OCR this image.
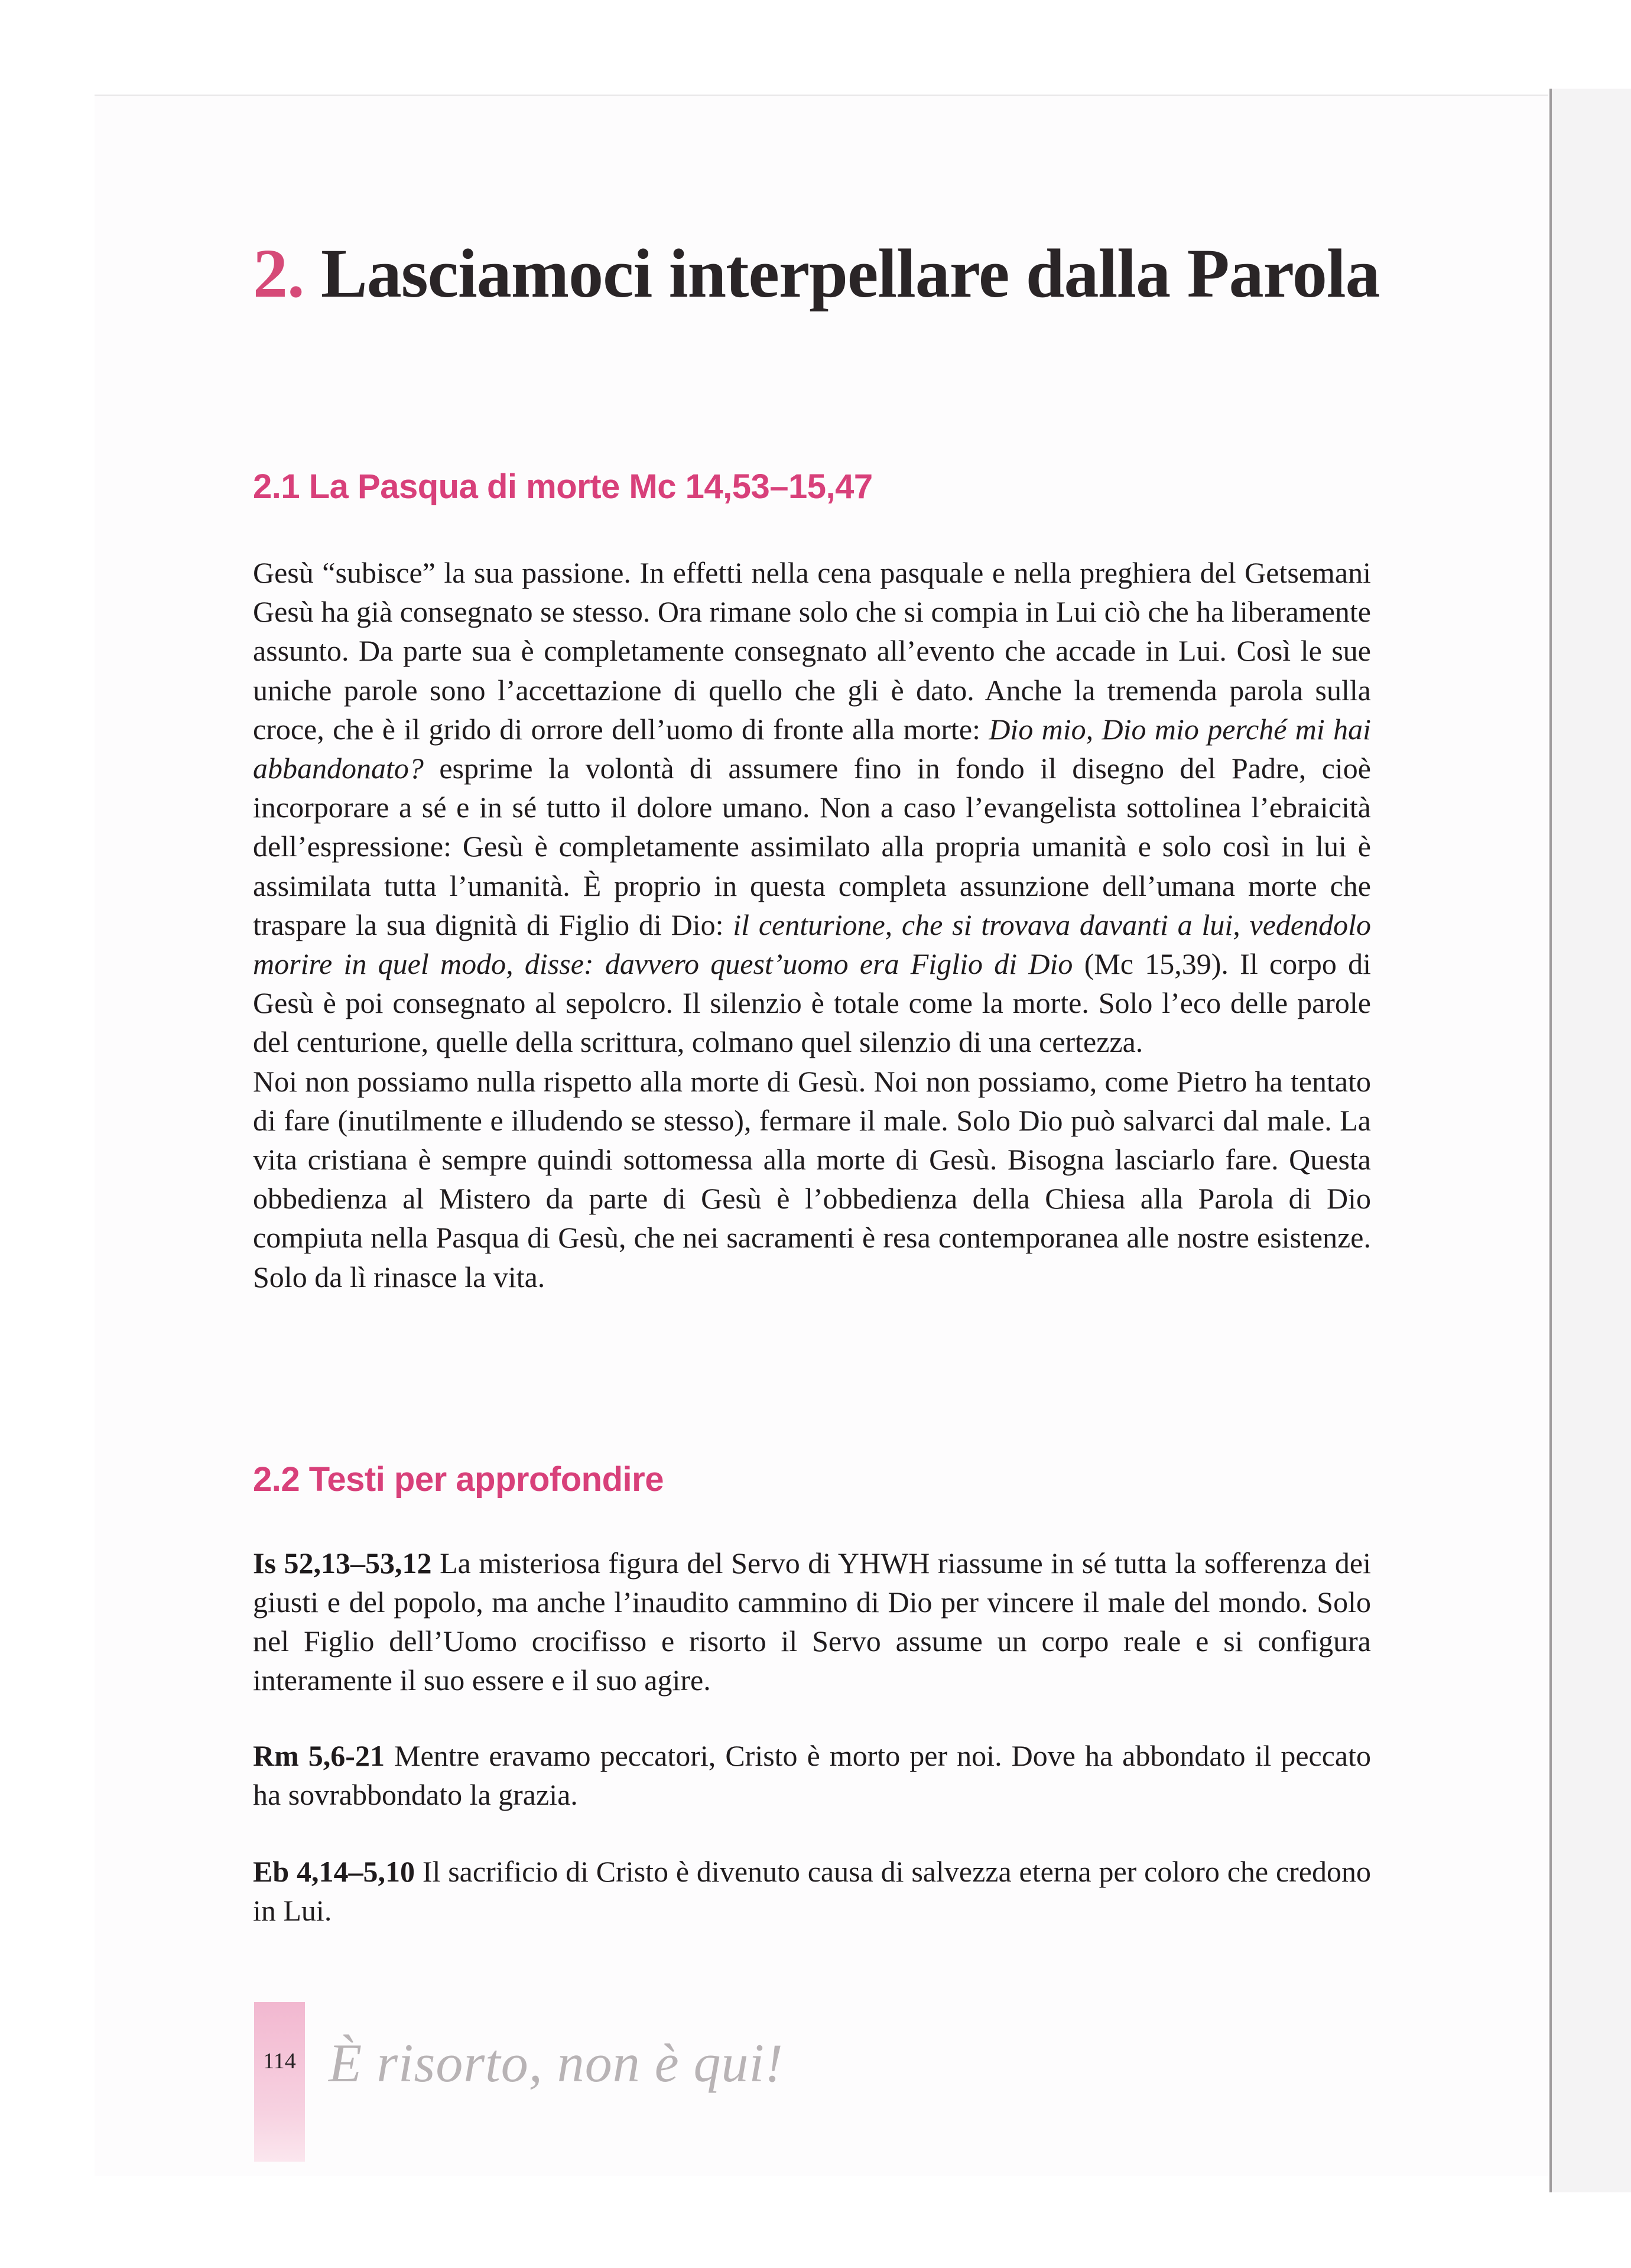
2. Lasciamoci interpellare dalla Parola
2.1 La Pasqua di morte Mc 14,53–15,47

Gesù “subisce” la sua passione. In effetti nella cena pasquale e nella preghiera del Getsemani Gesù ha già consegnato se stesso. Ora rimane solo che si compia in Lui ciò che ha liberamente assunto. Da parte sua è completamente consegnato all’evento che accade in Lui. Così le sue uniche parole sono l’accettazione di quello che gli è dato. Anche la tremenda parola sulla croce, che è il grido di orrore dell’uomo di fronte alla morte: Dio mio, Dio mio perché mi hai abbandonato? esprime la volontà di assumere fino in fondo il disegno del Padre, cioè incorporare a sé e in sé tutto il dolore umano. Non a caso l’evangelista sottolinea l’ebraicità dell’espressione: Gesù è completamente assimilato alla propria umanità e solo così in lui è assimilata tutta l’umanità. È proprio in questa completa assunzione dell’umana morte che traspare la sua dignità di Figlio di Dio: il centurione, che si trovava davanti a lui, vedendolo morire in quel modo, disse: davvero quest’uomo era Figlio di Dio (Mc 15,39). Il corpo di Gesù è poi consegnato al sepolcro. Il silenzio è totale come la morte. Solo l’eco delle parole del centurione, quelle della scrittura, colmano quel silenzio di una certezza.

Noi non possiamo nulla rispetto alla morte di Gesù. Noi non possiamo, come Pietro ha tentato di fare (inutilmente e illudendo se stesso), fermare il male. Solo Dio può salvarci dal male. La vita cristiana è sempre quindi sottomessa alla morte di Gesù. Bisogna lasciarlo fare. Questa obbedienza al Mistero da parte di Gesù è l’obbedienza della Chiesa alla Parola di Dio compiuta nella Pasqua di Gesù, che nei sacramenti è resa contemporanea alle nostre esistenze. Solo da lì rinasce la vita.

2.2 Testi per approfondire

Is 52,13–53,12 La misteriosa figura del Servo di YHWH riassume in sé tutta la sofferenza dei giusti e del popolo, ma anche l’inaudito cammino di Dio per vincere il male del mondo. Solo nel Figlio dell’Uomo crocifisso e risorto il Servo assume un corpo reale e si configura interamente il suo essere e il suo agire.

Rm 5,6-21 Mentre eravamo peccatori, Cristo è morto per noi. Dove ha abbondato il peccato ha sovrabbondato la grazia.

Eb 4,14–5,10 Il sacrificio di Cristo è divenuto causa di salvezza eterna per coloro che credono in Lui.

114 È risorto, non è qui!
